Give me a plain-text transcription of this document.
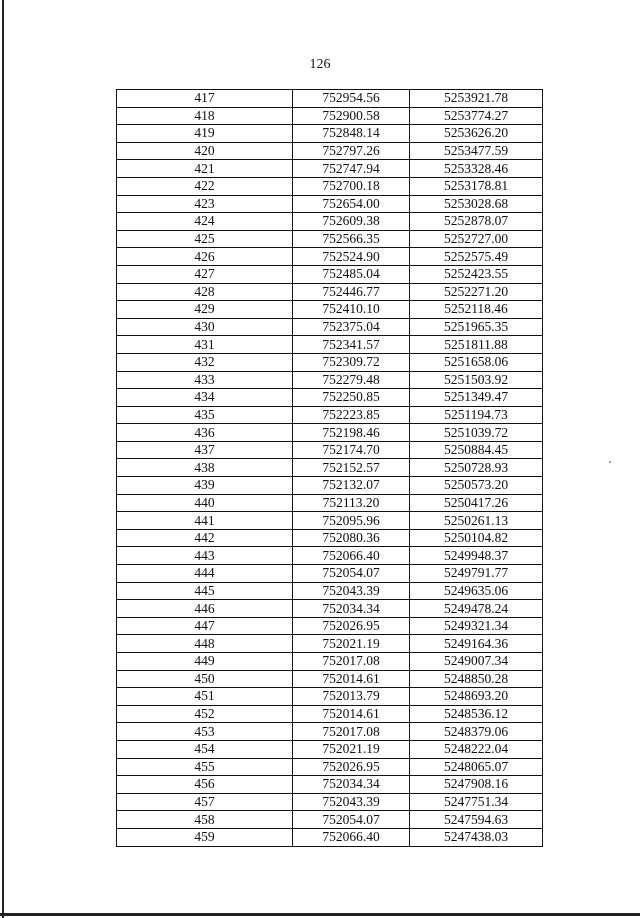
126
417	752954.56	5253921.78
418	752900.58	5253774.27
419	752848.14	5253626.20
420	752797.26	5253477.59
421	752747.94	5253328.46
422	752700.18	5253178.81
423	752654.00	5253028.68
424	752609.38	5252878.07
425	752566.35	5252727.00
426	752524.90	5252575.49
427	752485.04	5252423.55
428	752446.77	5252271.20
429	752410.10	5252118.46
430	752375.04	5251965.35
431	752341.57	5251811.88
432	752309.72	5251658.06
433	752279.48	5251503.92
434	752250.85	5251349.47
435	752223.85	5251194.73
436	752198.46	5251039.72
437	752174.70	5250884.45
438	752152.57	5250728.93
439	752132.07	5250573.20
440	752113.20	5250417.26
441	752095.96	5250261.13
442	752080.36	5250104.82
443	752066.40	5249948.37
444	752054.07	5249791.77
445	752043.39	5249635.06
446	752034.34	5249478.24
447	752026.95	5249321.34
448	752021.19	5249164.36
449	752017.08	5249007.34
450	752014.61	5248850.28
451	752013.79	5248693.20
452	752014.61	5248536.12
453	752017.08	5248379.06
454	752021.19	5248222.04
455	752026.95	5248065.07
456	752034.34	5247908.16
457	752043.39	5247751.34
458	752054.07	5247594.63
459	752066.40	5247438.03
